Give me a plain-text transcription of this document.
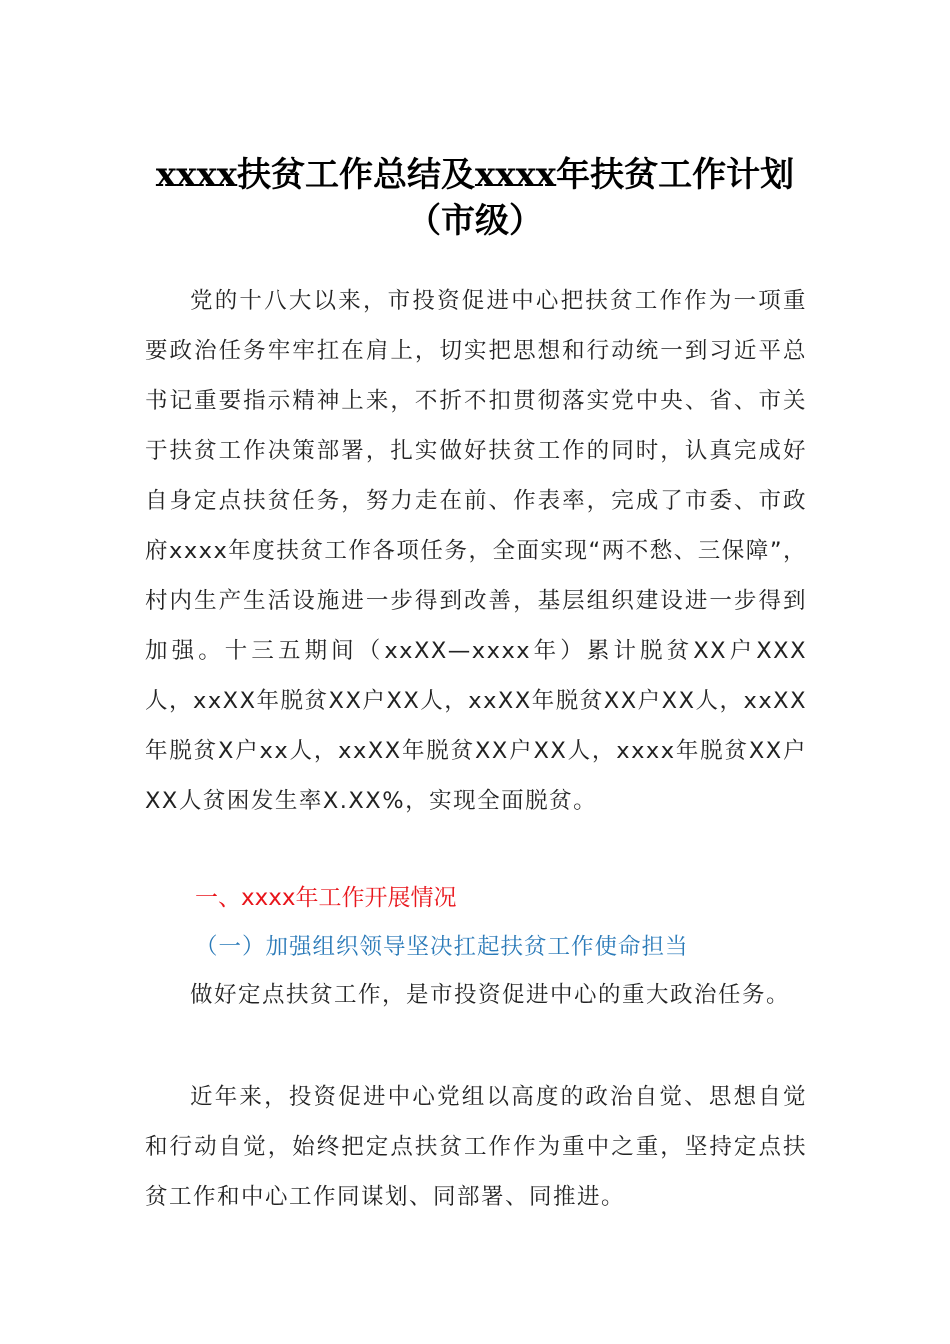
xxxx扶贫工作总结及xxxx年扶贫工作计划
（市级）

党的十八大以来，市投资促进中心把扶贫工作作为一项重要政治任务牢牢扛在肩上，切实把思想和行动统一到习近平总书记重要指示精神上来，不折不扣贯彻落实党中央、省、市关于扶贫工作决策部署，扎实做好扶贫工作的同时，认真完成好自身定点扶贫任务，努力走在前、作表率，完成了市委、市政府xxxx年度扶贫工作各项任务，全面实现“两不愁、三保障”，村内生产生活设施进一步得到改善，基层组织建设进一步得到加强。十三五期间（xxXX—xxxx年）累计脱贫XX户XXX人，xxXX年脱贫XX户XX人，xxXX年脱贫XX户XX人，xxXX年脱贫X户xx人，xxXX年脱贫XX户XX人，xxxx年脱贫XX户XX人贫困发生率X.XX%，实现全面脱贫。

一、xxxx年工作开展情况
（一）加强组织领导坚决扛起扶贫工作使命担当

做好定点扶贫工作，是市投资促进中心的重大政治任务。

近年来，投资促进中心党组以高度的政治自觉、思想自觉和行动自觉，始终把定点扶贫工作作为重中之重，坚持定点扶贫工作和中心工作同谋划、同部署、同推进。
